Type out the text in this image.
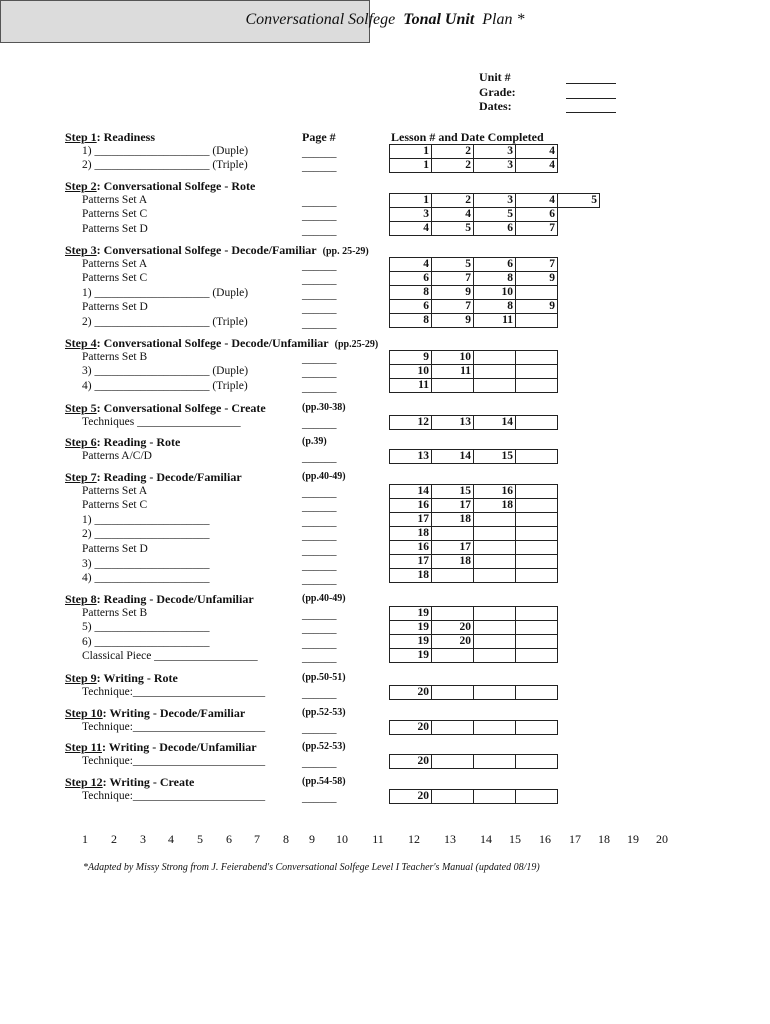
Conversational Solfege Tonal Unit Plan *
Unit #
Grade:
Dates:
Page #	Lesson # and Date Completed
Step 1: Readiness
1) ____________________ (Duple)	______
2) ____________________ (Triple)	______
1	2	3	4	
1	2	3	4	
Step 2: Conversational Solfege - Rote
Patterns Set A	______
Patterns Set C	______
Patterns Set D	______
1	2	3	4	5
3	4	5	6	
4	5	6	7	
Step 3: Conversational Solfege - Decode/Familiar (pp. 25-29)
Patterns Set A	______
Patterns Set C	______
1) ____________________ (Duple)	______
Patterns Set D	______
2) ____________________ (Triple)	______
4	5	6	7	
6	7	8	9	
8	9	10		
6	7	8	9	
8	9	11		
Step 4: Conversational Solfege - Decode/Unfamiliar (pp.25-29)
Patterns Set B	______
3) ____________________ (Duple)	______
4) ____________________ (Triple)	______
9	10			
10	11			
11				
Step 5: Conversational Solfege - Create	(pp.30-38)
Techniques __________________	______	12	13	14		
Step 6: Reading - Rote	(p.39)
Patterns A/C/D	______	13	14	15		
Step 7: Reading - Decode/Familiar	(pp.40-49)
Patterns Set A	______
Patterns Set C	______
1) ____________________	______
2) ____________________	______
Patterns Set D	______
3) ____________________	______
4) ____________________	______
14	15	16		
16	17	18		
17	18			
18				
16	17			
17	18			
18				
Step 8: Reading - Decode/Unfamiliar	(pp.40-49)
Patterns Set B	______
5) ____________________	______
6) ____________________	______
Classical Piece __________________	______
19				
19	20			
19	20			
19				
Step 9: Writing - Rote	(pp.50-51)
Technique:_______________________	______	20				
Step 10: Writing - Decode/Familiar	(pp.52-53)
Technique:_______________________	______	20				
Step 11: Writing - Decode/Unfamiliar	(pp.52-53)
Technique:_______________________	______	20				
Step 12: Writing - Create	(pp.54-58)
Technique:_______________________	______	20				
1	2	3	4	5	6	7	8	9	10	11	12	13	14	15	16	17	18	19	20
*Adapted by Missy Strong from J. Feierabend's Conversational Solfege Level I Teacher's Manual (updated 08/19)
